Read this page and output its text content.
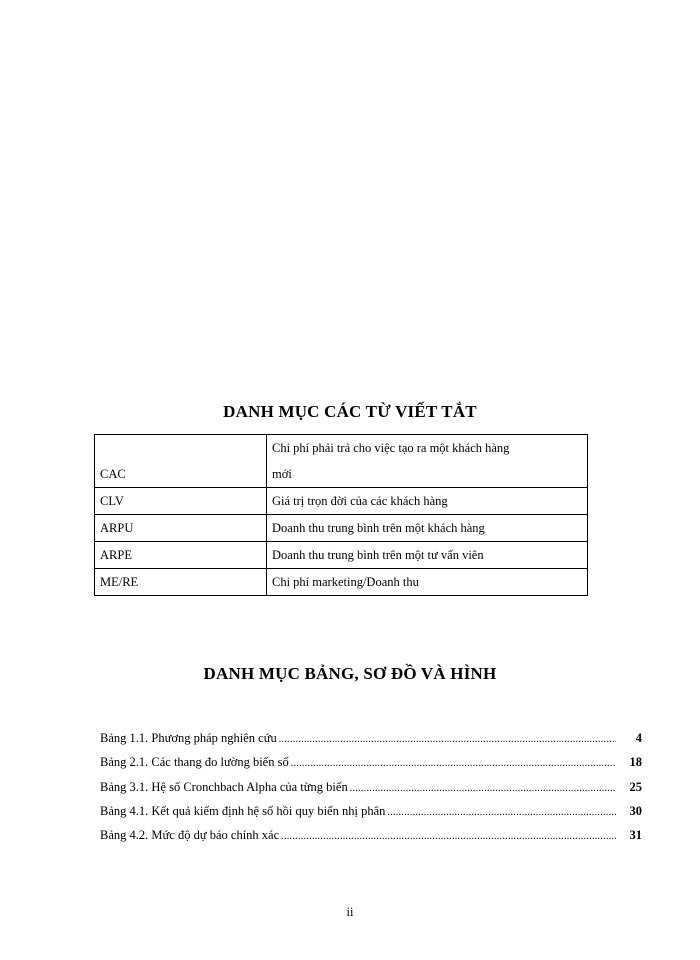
DANH MỤC CÁC TỪ VIẾT TẮT
CAC	Chi phí phải trả cho việc tạo ra một khách hàng
mới

CLV	Giá trị trọn đời của các khách hàng
ARPU	Doanh thu trung bình trên một khách hàng
ARPE	Doanh thu trung bình trên một tư vấn viên
ME/RE	Chi phí marketing/Doanh thu
DANH MỤC BẢNG, SƠ ĐỒ VÀ HÌNH
Bảng 1.1. Phương pháp nghiên cứu .....	4
Bảng 2.1. Các thang đo lường biến số .....	18
Bảng 3.1. Hệ số Cronchbach Alpha của từng biến .....	25
Bảng 4.1. Kết quả kiểm định hệ số hồi quy biến nhị phân .....	30
Bảng 4.2. Mức độ dự báo chính xác .....	31
ii
